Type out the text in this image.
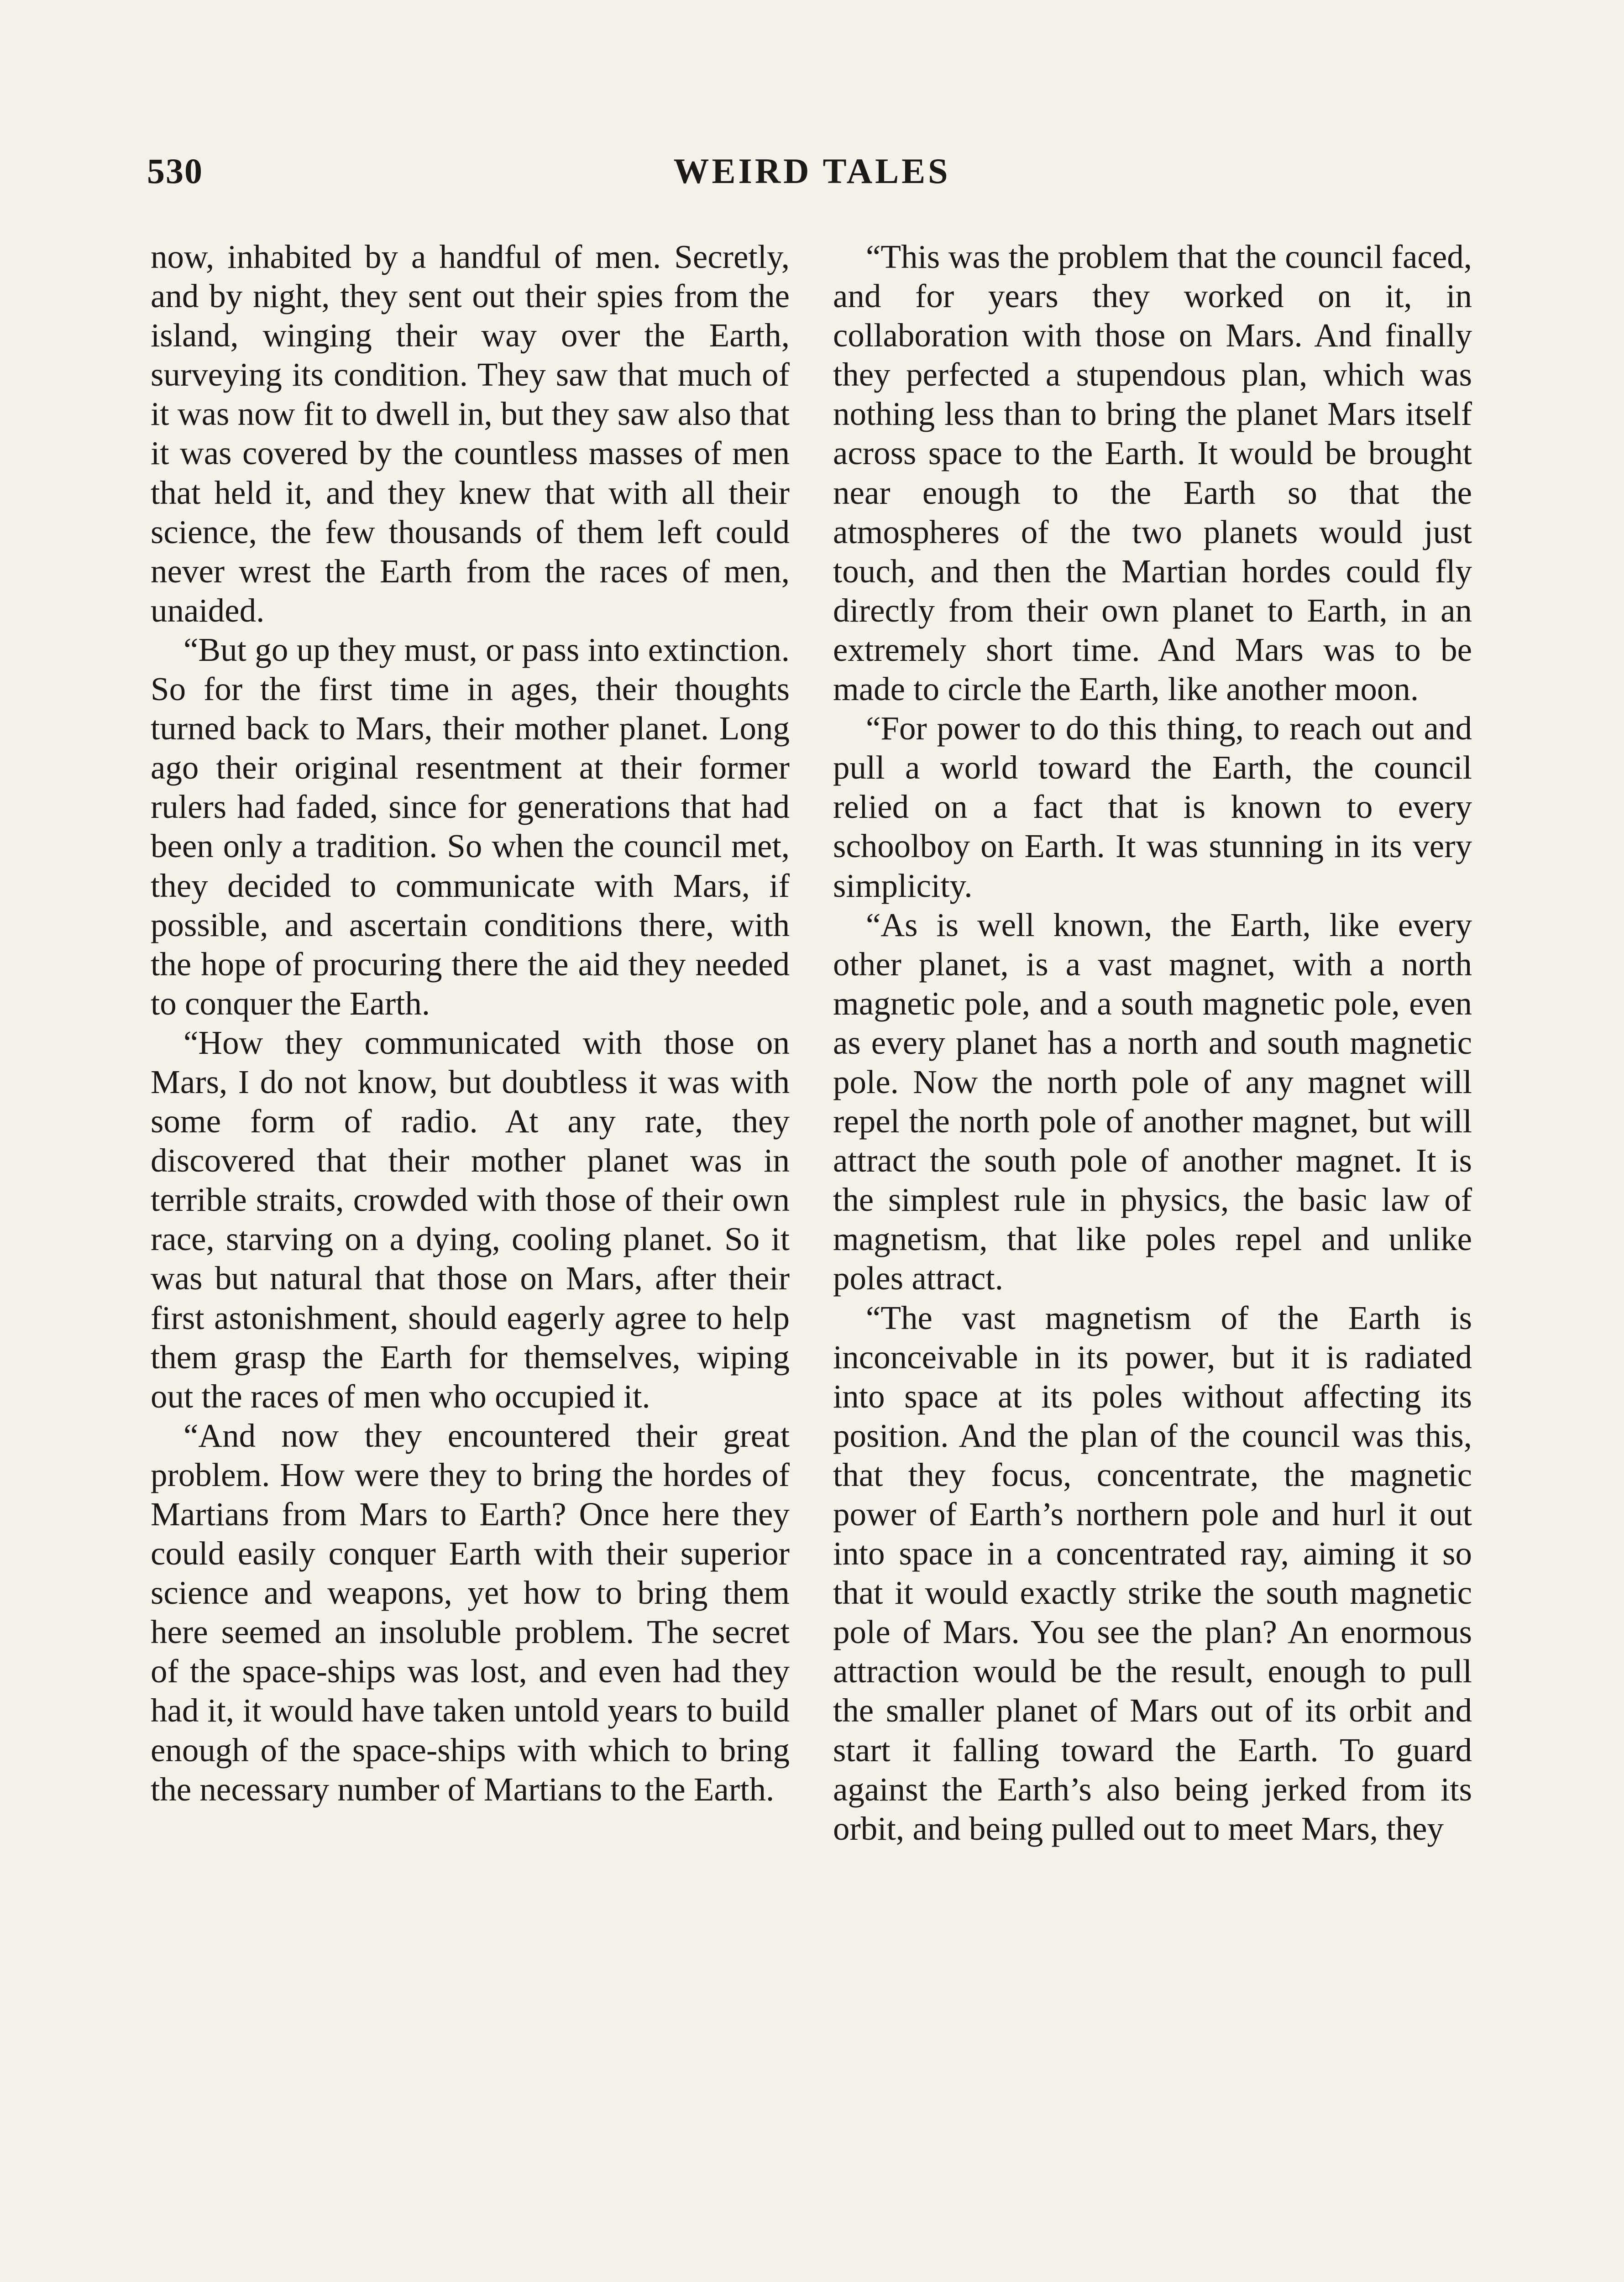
530	WEIRD TALES

now, inhabited by a handful of men. Secretly, and by night, they sent out their spies from the island, winging their way over the Earth, surveying its condition. They saw that much of it was now fit to dwell in, but they saw also that it was covered by the countless masses of men that held it, and they knew that with all their science, the few thousands of them left could never wrest the Earth from the races of men, unaided.

“But go up they must, or pass into extinction. So for the first time in ages, their thoughts turned back to Mars, their mother planet. Long ago their original resentment at their former rulers had faded, since for generations that had been only a tradition. So when the council met, they decided to communicate with Mars, if possible, and ascertain conditions there, with the hope of procuring there the aid they needed to conquer the Earth.

“How they communicated with those on Mars, I do not know, but doubtless it was with some form of radio. At any rate, they discovered that their mother planet was in terrible straits, crowded with those of their own race, starving on a dying, cooling planet. So it was but natural that those on Mars, after their first astonishment, should eagerly agree to help them grasp the Earth for themselves, wiping out the races of men who occupied it.

“And now they encountered their great problem. How were they to bring the hordes of Martians from Mars to Earth? Once here they could easily conquer Earth with their superior science and weapons, yet how to bring them here seemed an insoluble problem. The secret of the space-ships was lost, and even had they had it, it would have taken untold years to build enough of the space-ships with which to bring the necessary number of Martians to the Earth.

“This was the problem that the council faced, and for years they worked on it, in collaboration with those on Mars. And finally they perfected a stupendous plan, which was nothing less than to bring the planet Mars itself across space to the Earth. It would be brought near enough to the Earth so that the atmospheres of the two planets would just touch, and then the Martian hordes could fly directly from their own planet to Earth, in an extremely short time. And Mars was to be made to circle the Earth, like another moon.

“For power to do this thing, to reach out and pull a world toward the Earth, the council relied on a fact that is known to every schoolboy on Earth. It was stunning in its very simplicity.

“As is well known, the Earth, like every other planet, is a vast magnet, with a north magnetic pole, and a south magnetic pole, even as every planet has a north and south magnetic pole. Now the north pole of any magnet will repel the north pole of another magnet, but will attract the south pole of another magnet. It is the simplest rule in physics, the basic law of magnetism, that like poles repel and unlike poles attract.

“The vast magnetism of the Earth is inconceivable in its power, but it is radiated into space at its poles without affecting its position. And the plan of the council was this, that they focus, concentrate, the magnetic power of Earth’s northern pole and hurl it out into space in a concentrated ray, aiming it so that it would exactly strike the south magnetic pole of Mars. You see the plan? An enormous attraction would be the result, enough to pull the smaller planet of Mars out of its orbit and start it falling toward the Earth. To guard against the Earth’s also being jerked from its orbit, and being pulled out to meet Mars, they
